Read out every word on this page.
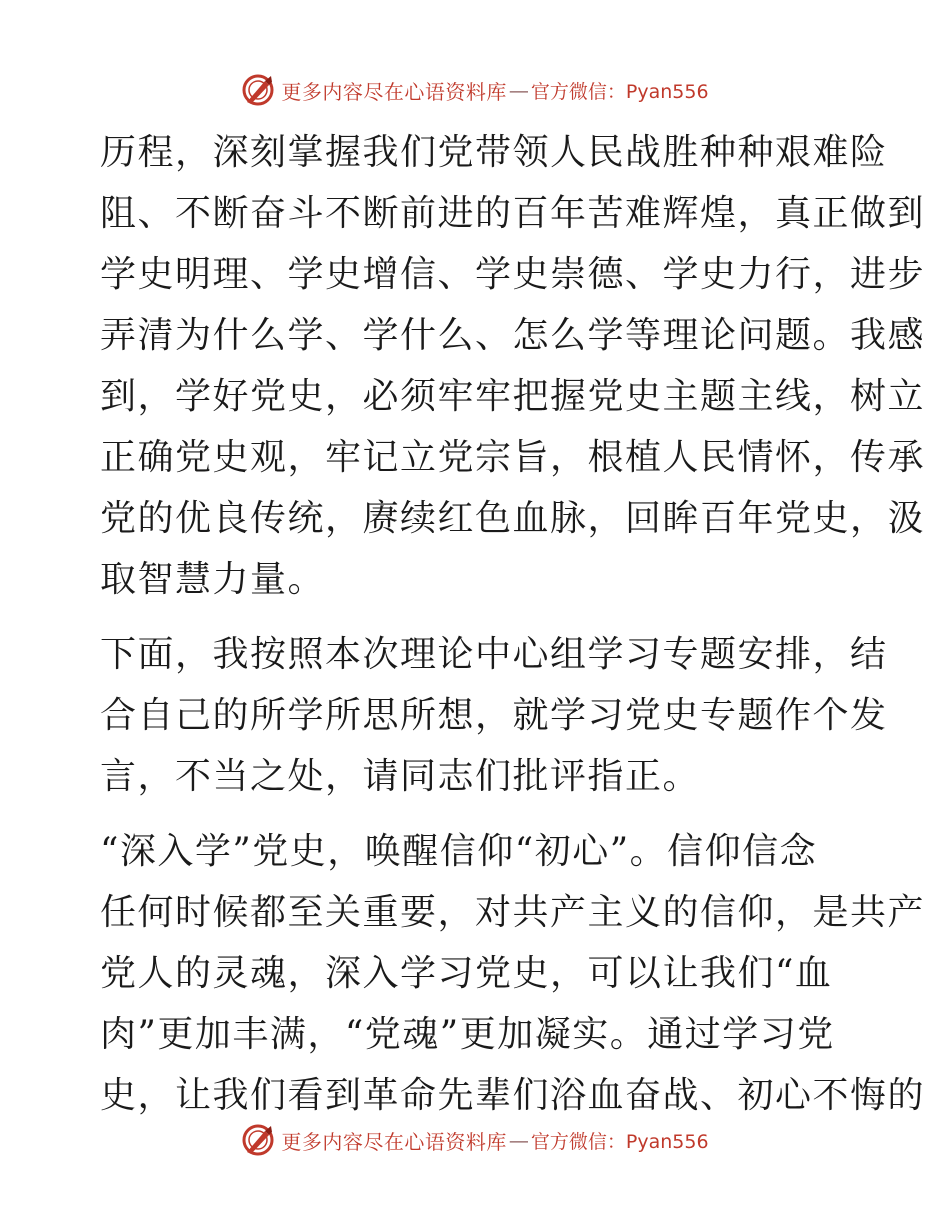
更多内容尽在心语资料库 — 官方微信：Pyan556
历程，深刻掌握我们党带领人民战胜种种艰难险
阻、不断奋斗不断前进的百年苦难辉煌，真正做到
学史明理、学史增信、学史崇德、学史力行，进步
弄清为什么学、学什么、怎么学等理论问题。我感
到，学好党史，必须牢牢把握党史主题主线，树立
正确党史观，牢记立党宗旨，根植人民情怀，传承
党的优良传统，赓续红色血脉，回眸百年党史，汲
取智慧力量。
下面，我按照本次理论中心组学习专题安排，结
合自己的所学所思所想，就学习党史专题作个发
言，不当之处，请同志们批评指正。
“深入学”党史，唤醒信仰“初心”。信仰信念
任何时候都至关重要，对共产主义的信仰，是共产
党人的灵魂，深入学习党史，可以让我们“血
肉”更加丰满，“党魂”更加凝实。通过学习党
史，让我们看到革命先辈们浴血奋战、初心不悔的
更多内容尽在心语资料库 — 官方微信：Pyan556
